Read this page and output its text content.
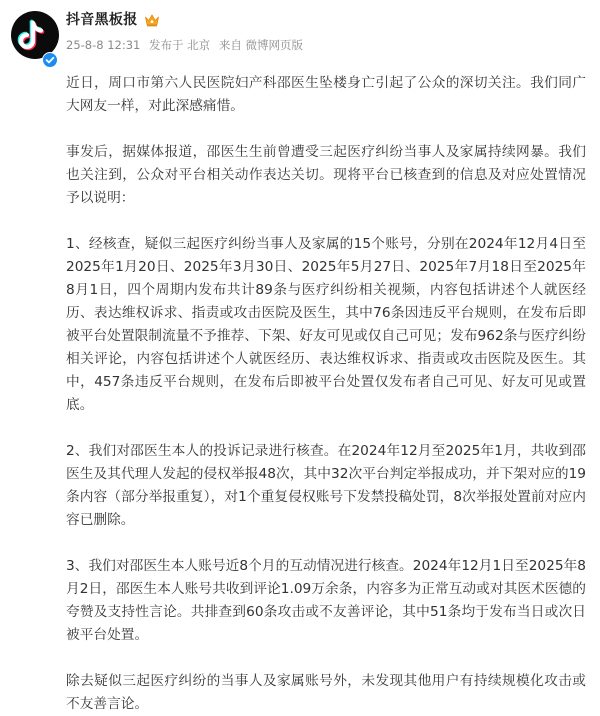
抖音黑板报
25-8-8 12:31 发布于 北京 来自 微博网页版

近日，周口市第六人民医院妇产科邵医生坠楼身亡引起了公众的深切关注。我们同广大网友一样，对此深感痛惜。

事发后，据媒体报道，邵医生生前曾遭受三起医疗纠纷当事人及家属持续网暴。我们也关注到，公众对平台相关动作表达关切。现将平台已核查到的信息及对应处置情况予以说明：

1、经核查，疑似三起医疗纠纷当事人及家属的15个账号，分别在2024年12月4日至2025年1月20日、2025年3月30日、2025年5月27日、2025年7月18日至2025年8月1日，四个周期内发布共计89条与医疗纠纷相关视频，内容包括讲述个人就医经历、表达维权诉求、指责或攻击医院及医生，其中76条因违反平台规则，在发布后即被平台处置限制流量不予推荐、下架、好友可见或仅自己可见；发布962条与医疗纠纷相关评论，内容包括讲述个人就医经历、表达维权诉求、指责或攻击医院及医生。其中，457条违反平台规则，在发布后即被平台处置仅发布者自己可见、好友可见或置底。

2、我们对邵医生本人的投诉记录进行核查。在2024年12月至2025年1月，共收到邵医生及其代理人发起的侵权举报48次，其中32次平台判定举报成功，并下架对应的19条内容（部分举报重复），对1个重复侵权账号下发禁投稿处罚，8次举报处置前对应内容已删除。

3、我们对邵医生本人账号近8个月的互动情况进行核查。2024年12月1日至2025年8月2日，邵医生本人账号共收到评论1.09万余条，内容多为正常互动或对其医术医德的夸赞及支持性言论。共排查到60条攻击或不友善评论，其中51条均于发布当日或次日被平台处置。

除去疑似三起医疗纠纷的当事人及家属账号外，未发现其他用户有持续规模化攻击或不友善言论。
